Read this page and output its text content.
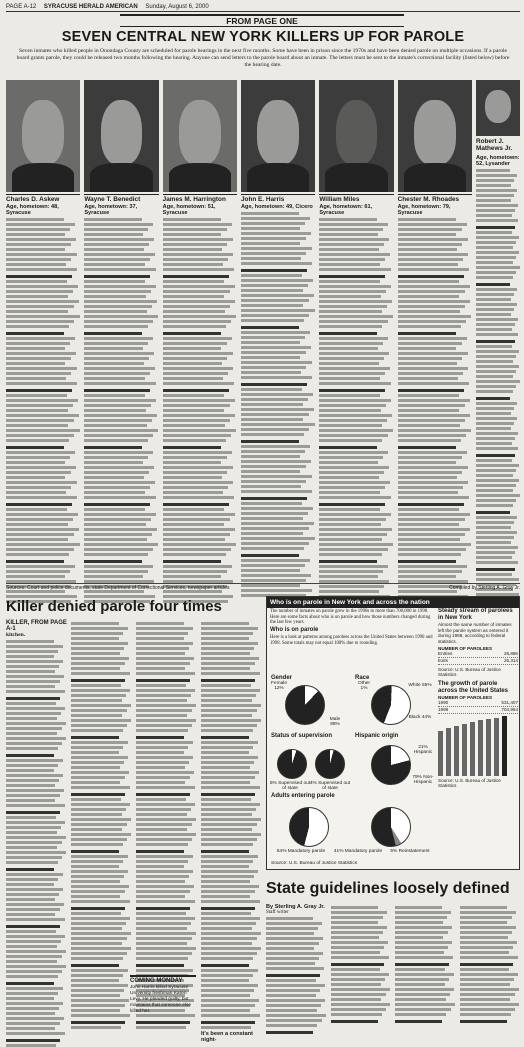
PAGE A-12 SYRACUSE HERALD AMERICAN Sunday, August 6, 2000
FROM PAGE ONE
SEVEN CENTRAL NEW YORK KILLERS UP FOR PAROLE
Seven inmates who killed people in Onondaga County are scheduled for parole hearings in the next five months. Some have been in prison since the 1970s and have been denied parole on multiple occasions. If a parole board grants parole, they could be released two months following the hearing. Anyone can send letters to the parole board about an inmate. The letters must be sent to the inmate's correctional facility (listed below) before the hearing date.
Charles D. Askew	Wayne T. Benedict	James M. Harrington	John E. Harris	William Miles	Chester M. Rhoades
Age, hometown: 48, Syracuse
Age, hometown: 37, Syracuse
Age, hometown: 51, Syracuse
Age, hometown: 49, Cicero	Age, hometown: 61, Syracuse
Age, hometown: 79, Syracuse
Robert J. Mathews Jr.
Age, hometown: 52, Lysander
Sources: Court and police documents, state Department of Correctional Services, newspaper articles	Compiled by Sterling A. Gray Jr.
Killer denied parole four times
KILLER, FROM PAGE A-1
kitchen.
It's been a constant night-
COMING MONDAY

John Harris killed Syracuse University freshman Karen Levy. He pleaded guilty, but maintains that someone else killed her.

Who is on parole in New York and across the nation
The number of inmates on parole grew in the 1990s to more than 700,000 in 1998. Here are some facts about who is on parole and how those numbers changed during the last few years.
Who is on parole
Here is a look at patterns among parolees across the United States between 1990 and 1998. Some totals may not equal 100% due to rounding.
Gender
Female 12%
Male 88%
Race
Other 1%
White 55%
Black 44%
Status of supervision
5% Supervised out of state
4% Supervised out of state
Hispanic origin
21% Hispanic
79% Non-Hispanic
Adults entering parole
54% Mandatory parole	41% Mandatory parole	5% Reinstatement
Source: U.S. Bureau of Justice Statistics
Steady stream of parolees in New York
Almost the same number of inmates left the parole system as entered it during 1998, according to federal statistics.
NUMBER OF PAROLEES
Entries	26,886
Exits	25,314
Source: U.S. Bureau of Justice Statistics
The growth of parole across the United States
NUMBER OF PAROLEES
1990	531,407
1998	704,964
Source: U.S. Bureau of Justice Statistics
State guidelines loosely defined
By Sterling A. Gray Jr.
Staff writer
